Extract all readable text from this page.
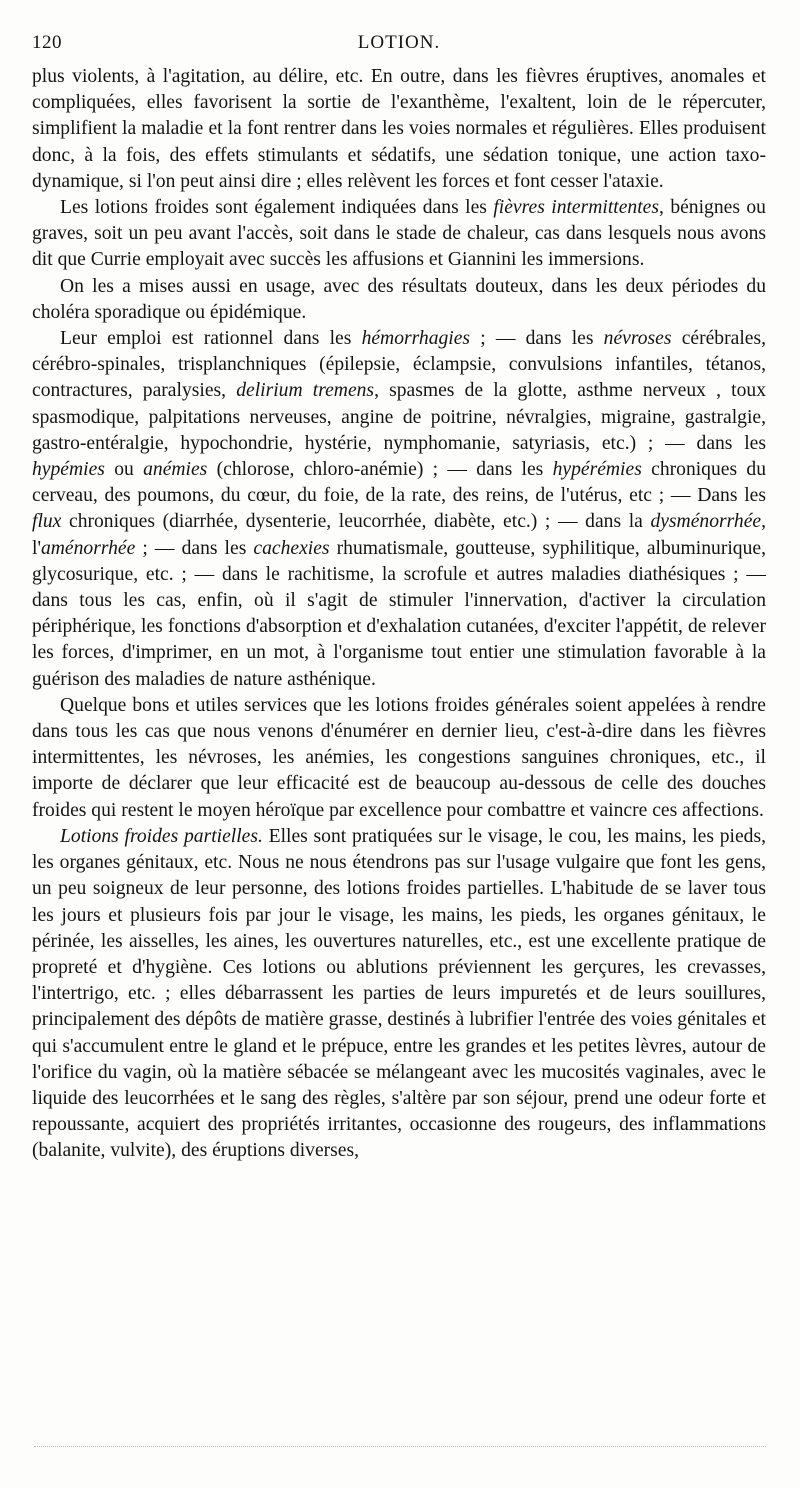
120	LOTION.

plus violents, à l'agitation, au délire, etc. En outre, dans les fièvres éruptives, anomales et compliquées, elles favorisent la sortie de l'exanthème, l'exaltent, loin de le répercuter, simplifient la maladie et la font rentrer dans les voies normales et régulières. Elles produisent donc, à la fois, des effets stimulants et sédatifs, une sédation tonique, une action taxo-dynamique, si l'on peut ainsi dire ; elles relèvent les forces et font cesser l'ataxie.

Les lotions froides sont également indiquées dans les fièvres intermittentes, bénignes ou graves, soit un peu avant l'accès, soit dans le stade de chaleur, cas dans lesquels nous avons dit que Currie employait avec succès les affusions et Giannini les immersions.

On les a mises aussi en usage, avec des résultats douteux, dans les deux périodes du choléra sporadique ou épidémique.

Leur emploi est rationnel dans les hémorrhagies ; — dans les névroses cérébrales, cérébro-spinales, trisplanchniques (épilepsie, éclampsie, convulsions infantiles, tétanos, contractures, paralysies, delirium tremens, spasmes de la glotte, asthme nerveux , toux spasmodique, palpitations nerveuses, angine de poitrine, névralgies, migraine, gastralgie, gastro-entéralgie, hypochondrie, hystérie, nymphomanie, satyriasis, etc.) ; — dans les hypémies ou anémies (chlorose, chloro-anémie) ; — dans les hypérémies chroniques du cerveau, des poumons, du cœur, du foie, de la rate, des reins, de l'utérus, etc ; — Dans les flux chroniques (diarrhée, dysenterie, leucorrhée, diabète, etc.) ; — dans la dysménorrhée, l'aménorrhée ; — dans les cachexies rhumatismale, goutteuse, syphilitique, albuminurique, glycosurique, etc. ; — dans le rachitisme, la scrofule et autres maladies diathésiques ; — dans tous les cas, enfin, où il s'agit de stimuler l'innervation, d'activer la circulation périphérique, les fonctions d'absorption et d'exhalation cutanées, d'exciter l'appétit, de relever les forces, d'imprimer, en un mot, à l'organisme tout entier une stimulation favorable à la guérison des maladies de nature asthénique.

Quelque bons et utiles services que les lotions froides générales soient appelées à rendre dans tous les cas que nous venons d'énumérer en dernier lieu, c'est-à-dire dans les fièvres intermittentes, les névroses, les anémies, les congestions sanguines chroniques, etc., il importe de déclarer que leur efficacité est de beaucoup au-dessous de celle des douches froides qui restent le moyen héroïque par excellence pour combattre et vaincre ces affections.

Lotions froides partielles. Elles sont pratiquées sur le visage, le cou, les mains, les pieds, les organes génitaux, etc. Nous ne nous étendrons pas sur l'usage vulgaire que font les gens, un peu soigneux de leur personne, des lotions froides partielles. L'habitude de se laver tous les jours et plusieurs fois par jour le visage, les mains, les pieds, les organes génitaux, le périnée, les aisselles, les aines, les ouvertures naturelles, etc., est une excellente pratique de propreté et d'hygiène. Ces lotions ou ablutions préviennent les gerçures, les crevasses, l'intertrigo, etc. ; elles débarrassent les parties de leurs impuretés et de leurs souillures, principalement des dépôts de matière grasse, destinés à lubrifier l'entrée des voies génitales et qui s'accumulent entre le gland et le prépuce, entre les grandes et les petites lèvres, autour de l'orifice du vagin, où la matière sébacée se mélangeant avec les mucosités vaginales, avec le liquide des leucorrhées et le sang des règles, s'altère par son séjour, prend une odeur forte et repoussante, acquiert des propriétés irritantes, occasionne des rougeurs, des inflammations (balanite, vulvite), des éruptions diverses,
